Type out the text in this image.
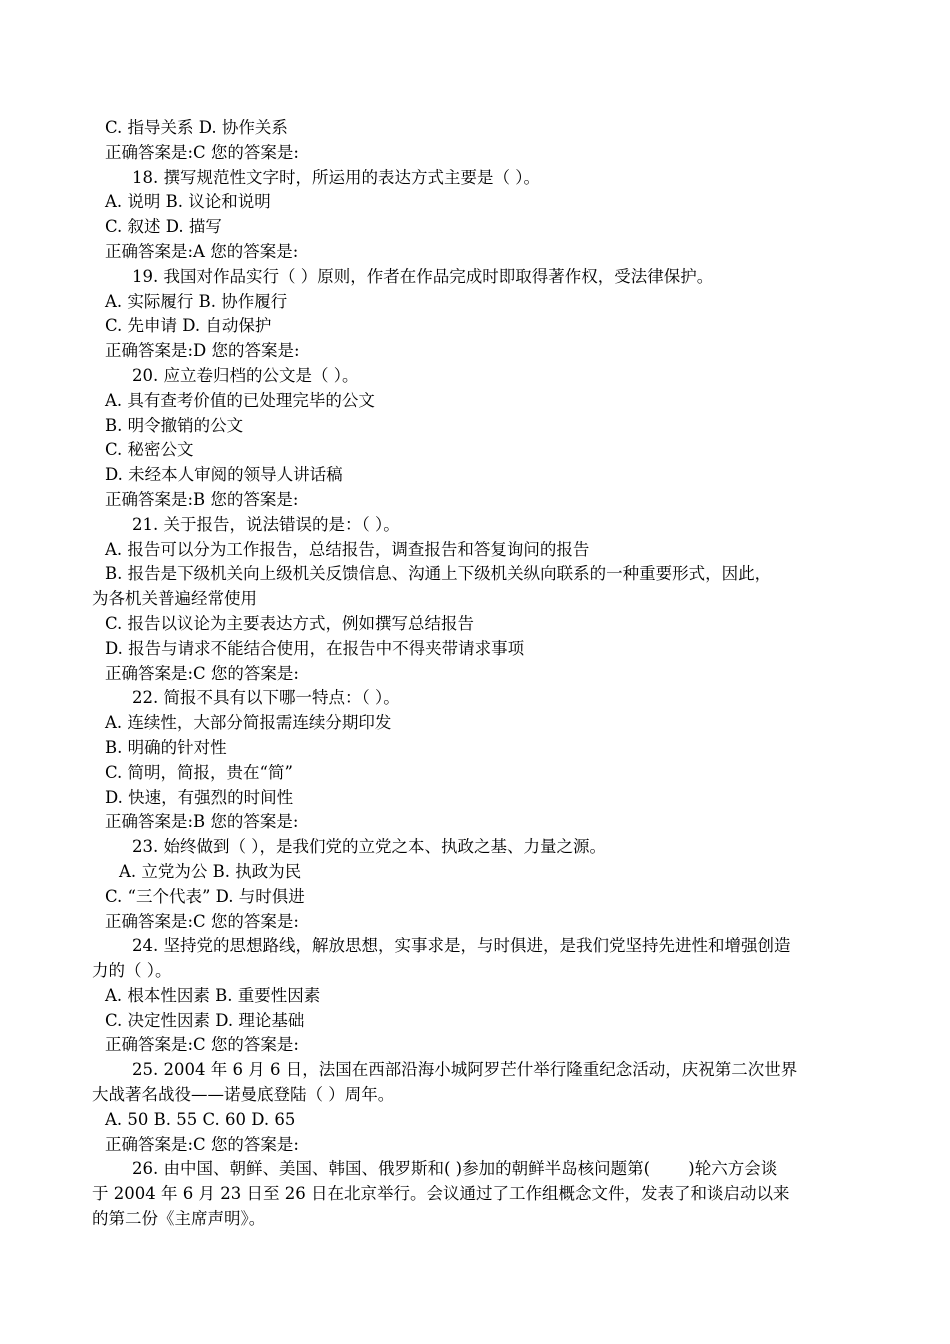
C. 指导关系 D. 协作关系
正确答案是:C 您的答案是:
18. 撰写规范性文字时，所运用的表达方式主要是（ ）。
A. 说明 B. 议论和说明
C. 叙述 D. 描写
正确答案是:A 您的答案是:
19. 我国对作品实行（ ）原则，作者在作品完成时即取得著作权，受法律保护。
A. 实际履行 B. 协作履行
C. 先申请 D. 自动保护
正确答案是:D 您的答案是:
20. 应立卷归档的公文是（ ）。
A. 具有查考价值的已处理完毕的公文
B. 明令撤销的公文
C. 秘密公文
D. 未经本人审阅的领导人讲话稿
正确答案是:B 您的答案是:
21. 关于报告，说法错误的是：（ ）。
A. 报告可以分为工作报告，总结报告，调查报告和答复询问的报告
B. 报告是下级机关向上级机关反馈信息、沟通上下级机关纵向联系的一种重要形式，因此，
为各机关普遍经常使用
C. 报告以议论为主要表达方式，例如撰写总结报告
D. 报告与请求不能结合使用，在报告中不得夹带请求事项
正确答案是:C 您的答案是:
22. 简报不具有以下哪一特点：（ ）。
A. 连续性，大部分简报需连续分期印发
B. 明确的针对性
C. 简明，简报，贵在“简”
D. 快速，有强烈的时间性
正确答案是:B 您的答案是:
23. 始终做到（ ），是我们党的立党之本、执政之基、力量之源。
A. 立党为公 B. 执政为民
C. “三个代表” D. 与时俱进
正确答案是:C 您的答案是:
24. 坚持党的思想路线，解放思想，实事求是，与时俱进，是我们党坚持先进性和增强创造
力的（ ）。
A. 根本性因素 B. 重要性因素
C. 决定性因素 D. 理论基础
正确答案是:C 您的答案是:
25. 2004 年 6 月 6 日，法国在西部沿海小城阿罗芒什举行隆重纪念活动，庆祝第二次世界
大战著名战役——诺曼底登陆（ ）周年。
A. 50 B. 55 C. 60 D. 65
正确答案是:C 您的答案是:
26. 由中国、朝鲜、美国、韩国、俄罗斯和( )参加的朝鲜半岛核问题第(　　 )轮六方会谈
于 2004 年 6 月 23 日至 26 日在北京举行。会议通过了工作组概念文件，发表了和谈启动以来
的第二份《主席声明》。
